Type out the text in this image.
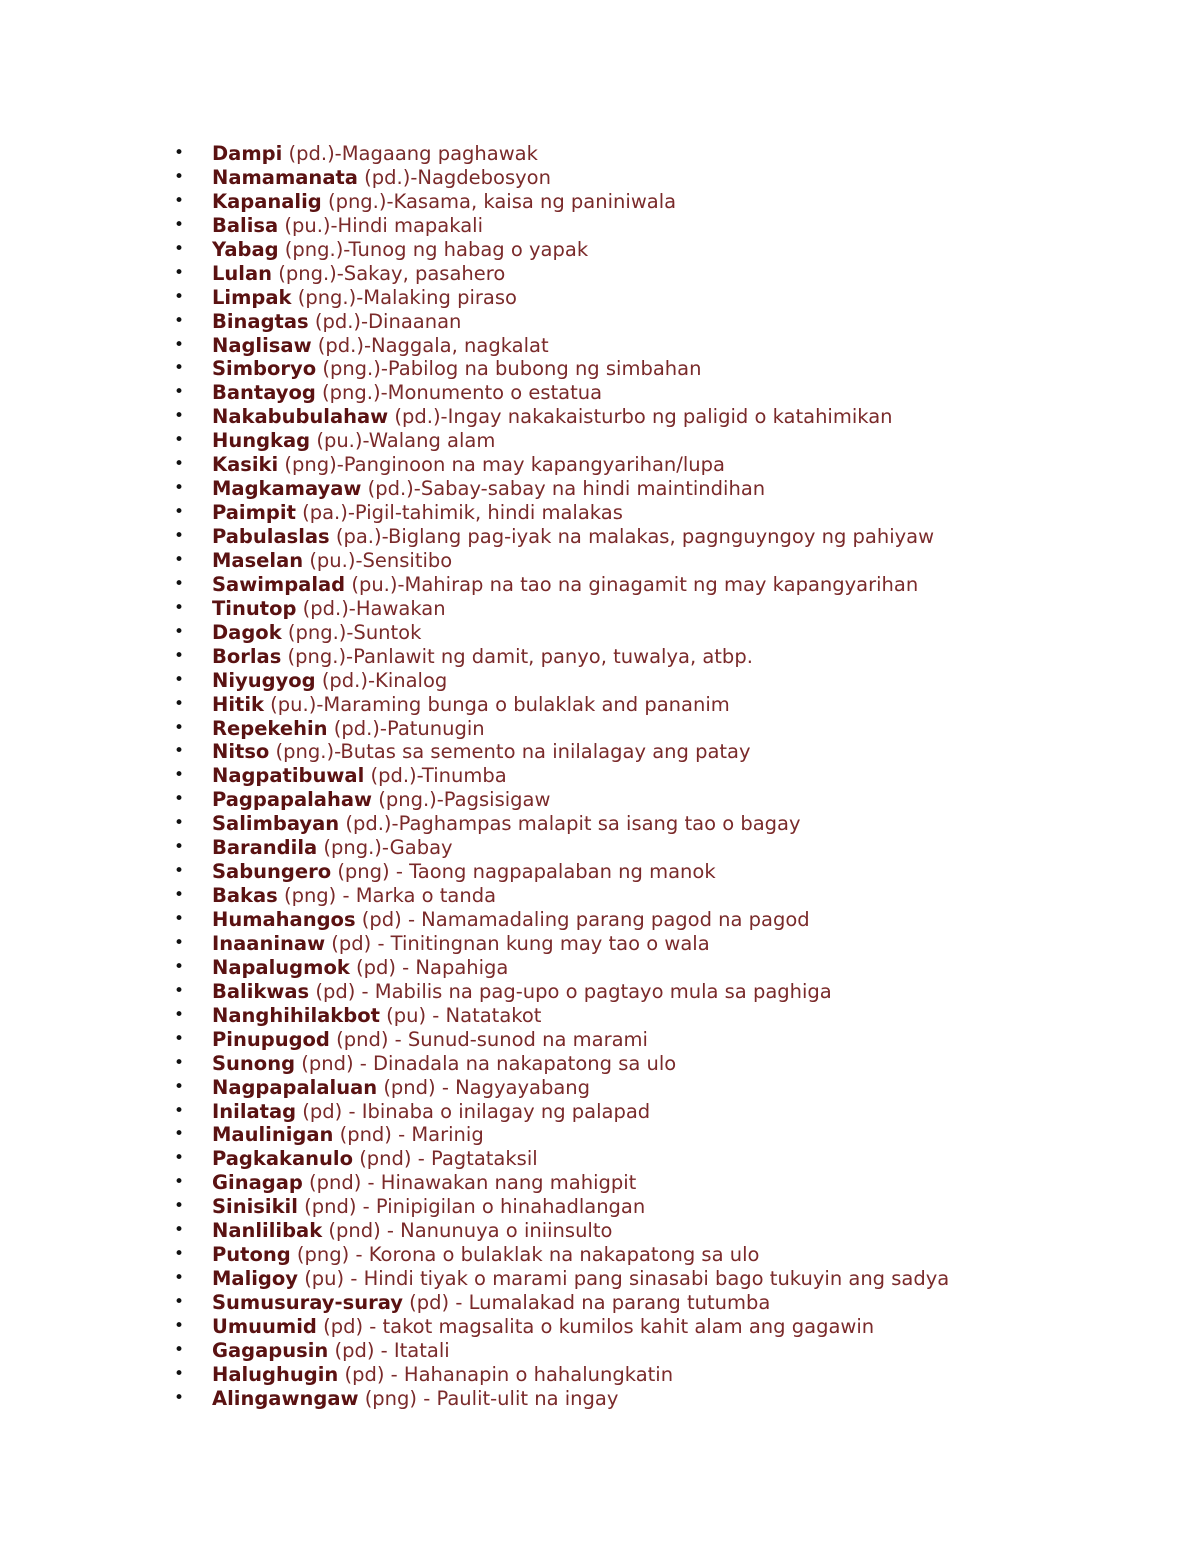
• Dampi (pd.)-Magaang paghawak
• Namamanata (pd.)-Nagdebosyon
• Kapanalig (png.)-Kasama, kaisa ng paniniwala
• Balisa (pu.)-Hindi mapakali
• Yabag (png.)-Tunog ng habag o yapak
• Lulan (png.)-Sakay, pasahero
• Limpak (png.)-Malaking piraso
• Binagtas (pd.)-Dinaanan
• Naglisaw (pd.)-Naggala, nagkalat
• Simboryo (png.)-Pabilog na bubong ng simbahan
• Bantayog (png.)-Monumento o estatua
• Nakabubulahaw (pd.)-Ingay nakakaisturbo ng paligid o katahimikan
• Hungkag (pu.)-Walang alam
• Kasiki (png)-Panginoon na may kapangyarihan/lupa
• Magkamayaw (pd.)-Sabay-sabay na hindi maintindihan
• Paimpit (pa.)-Pigil-tahimik, hindi malakas
• Pabulaslas (pa.)-Biglang pag-iyak na malakas, pagnguyngoy ng pahiyaw
• Maselan (pu.)-Sensitibo
• Sawimpalad (pu.)-Mahirap na tao na ginagamit ng may kapangyarihan
• Tinutop (pd.)-Hawakan
• Dagok (png.)-Suntok
• Borlas (png.)-Panlawit ng damit, panyo, tuwalya, atbp.
• Niyugyog (pd.)-Kinalog
• Hitik (pu.)-Maraming bunga o bulaklak and pananim
• Repekehin (pd.)-Patunugin
• Nitso (png.)-Butas sa semento na inilalagay ang patay
• Nagpatibuwal (pd.)-Tinumba
• Pagpapalahaw (png.)-Pagsisigaw
• Salimbayan (pd.)-Paghampas malapit sa isang tao o bagay
• Barandila (png.)-Gabay
• Sabungero (png) - Taong nagpapalaban ng manok
• Bakas (png) - Marka o tanda
• Humahangos (pd) - Namamadaling parang pagod na pagod
• Inaaninaw (pd) - Tinitingnan kung may tao o wala
• Napalugmok (pd) - Napahiga
• Balikwas (pd) - Mabilis na pag-upo o pagtayo mula sa paghiga
• Nanghihilakbot (pu) - Natatakot
• Pinupugod (pnd) - Sunud-sunod na marami
• Sunong (pnd) - Dinadala na nakapatong sa ulo
• Nagpapalaluan (pnd) - Nagyayabang
• Inilatag (pd) - Ibinaba o inilagay ng palapad
• Maulinigan (pnd) - Marinig
• Pagkakanulo (pnd) - Pagtataksil
• Ginagap (pnd) - Hinawakan nang mahigpit
• Sinisikil (pnd) - Pinipigilan o hinahadlangan
• Nanlilibak (pnd) - Nanunuya o iniinsulto
• Putong (png) - Korona o bulaklak na nakapatong sa ulo
• Maligoy (pu) - Hindi tiyak o marami pang sinasabi bago tukuyin ang sadya
• Sumusuray-suray (pd) - Lumalakad na parang tutumba
• Umuumid (pd) - takot magsalita o kumilos kahit alam ang gagawin
• Gagapusin (pd) - Itatali
• Halughugin (pd) - Hahanapin o hahalungkatin
• Alingawngaw (png) - Paulit-ulit na ingay
